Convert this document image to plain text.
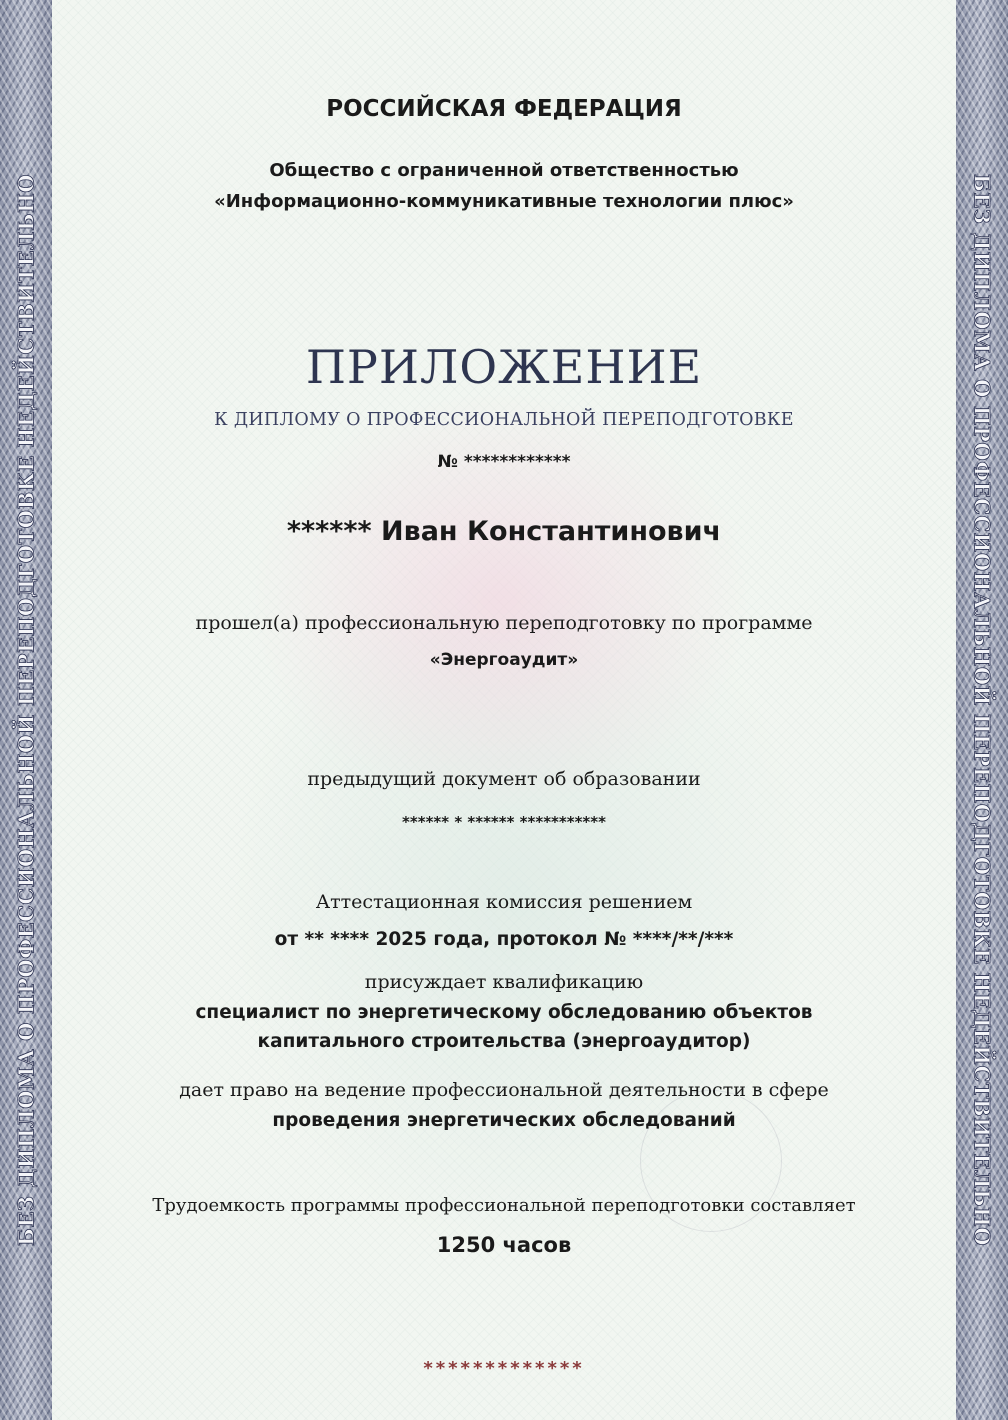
БЕЗ ДИПЛОМА О ПРОФЕССИОНАЛЬНОЙ ПЕРЕПОДГОТОВКЕ НЕДЕЙСТВИТЕЛЬНО	БЕЗ ДИПЛОМА О ПРОФЕССИОНАЛЬНОЙ ПЕРЕПОДГОТОВКЕ НЕДЕЙСТВИТЕЛЬНО

РОССИЙСКАЯ ФЕДЕРАЦИЯ

Общество с ограниченной ответственностью

«Информационно-коммуникативные технологии плюс»

ПРИЛОЖЕНИЕ

К ДИПЛОМУ О ПРОФЕССИОНАЛЬНОЙ ПЕРЕПОДГОТОВКЕ

№ ************

****** Иван Константинович

прошел(а) профессиональную переподготовку по программе

«Энергоаудит»

предыдущий документ об образовании

****** * ****** ***********

Аттестационная комиссия решением

от ** **** 2025 года, протокол № ****/**/***

присуждает квалификацию

специалист по энергетическому обследованию объектов

капитального строительства (энергоаудитор)

дает право на ведение профессиональной деятельности в сфере

проведения энергетических обследований

Трудоемкость программы профессиональной переподготовки составляет

1250 часов

*************
